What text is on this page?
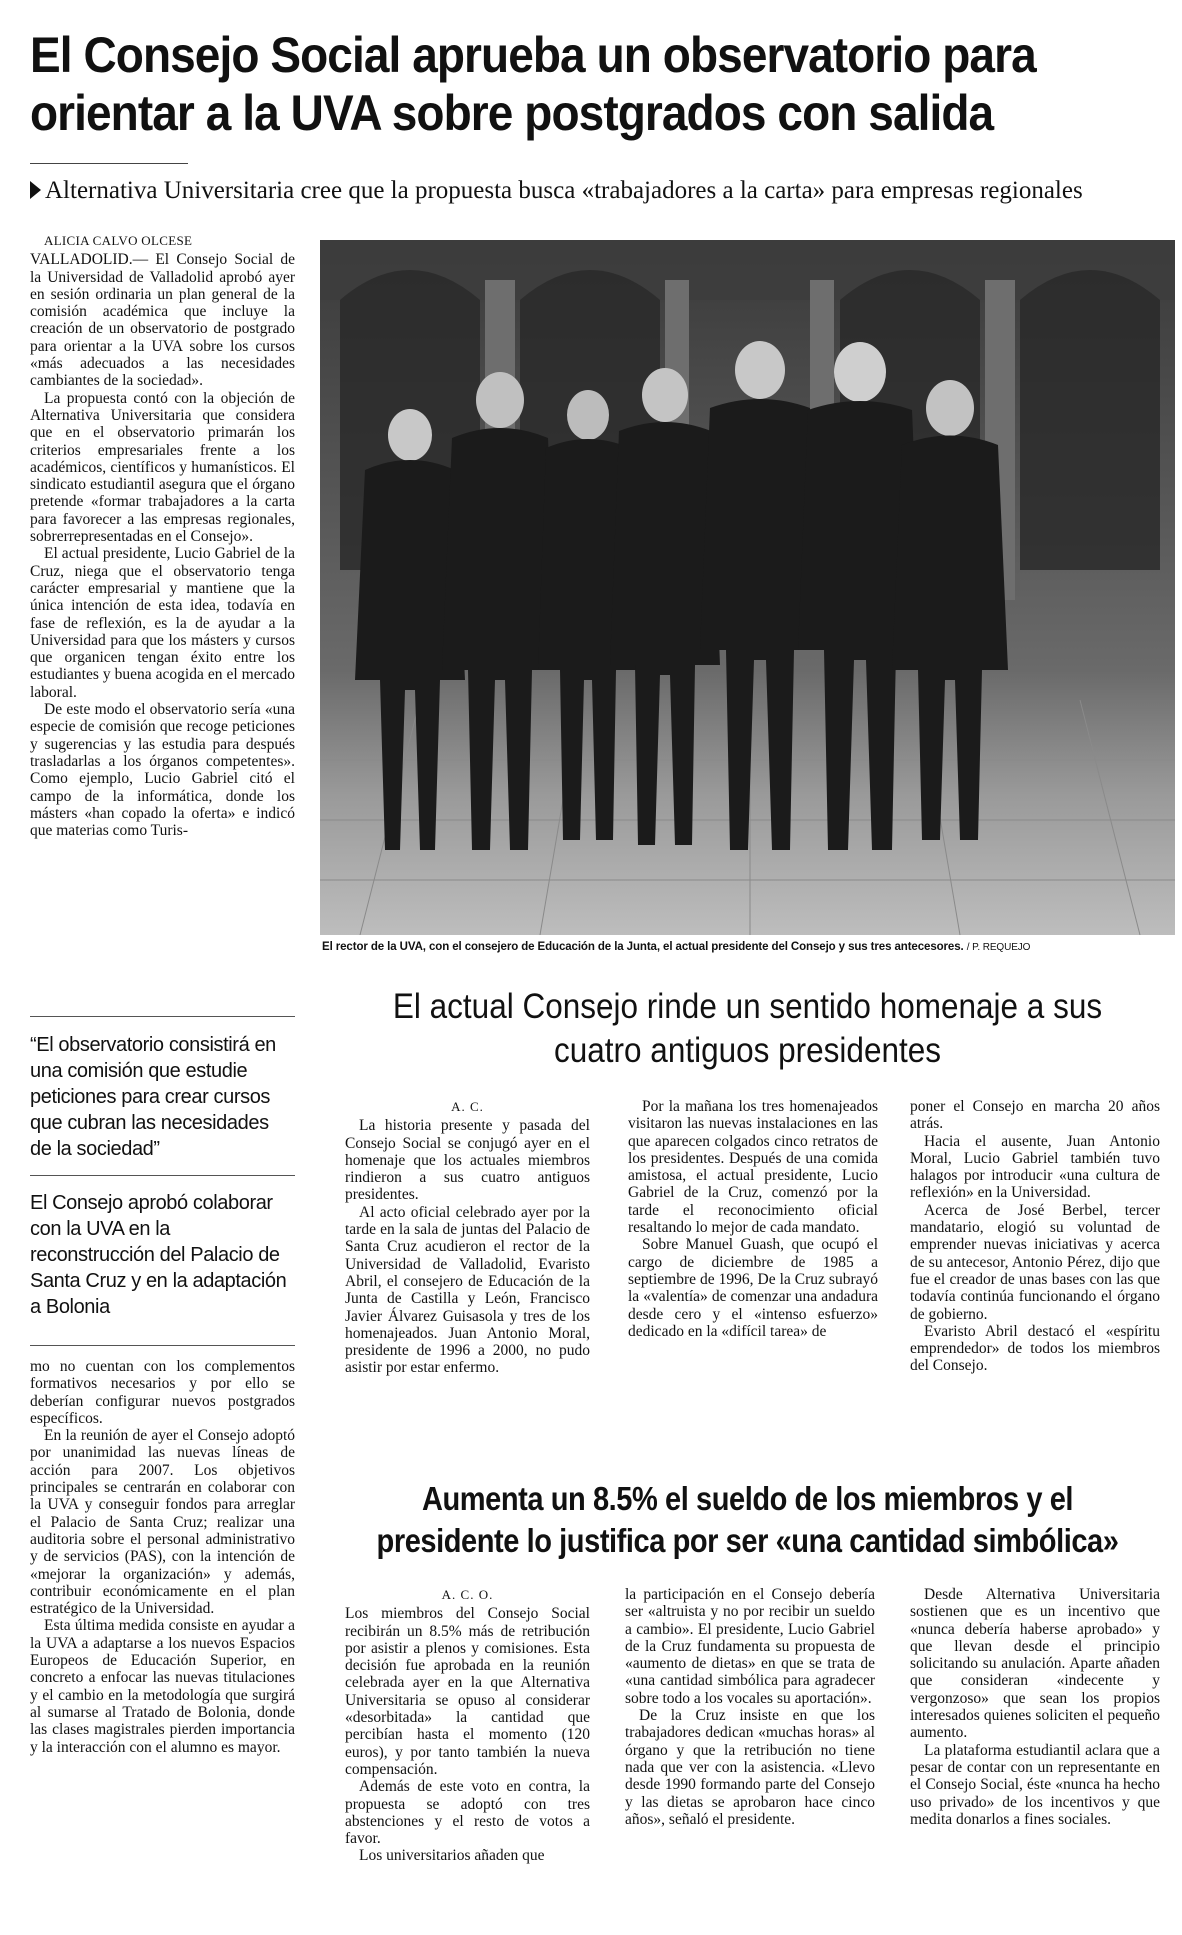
El Consejo Social aprueba un observatorio para orientar a la UVA sobre postgrados con salida
Alternativa Universitaria cree que la propuesta busca «trabajadores a la carta» para empresas regionales
ALICIA CALVO OLCESE

VALLADOLID.— El Consejo Social de la Universidad de Valladolid aprobó ayer en sesión ordinaria un plan general de la comisión académica que incluye la creación de un observatorio de postgrado para orientar a la UVA sobre los cursos «más adecuados a las necesidades cambiantes de la sociedad».

La propuesta contó con la objeción de Alternativa Universitaria que considera que en el observatorio primarán los criterios empresariales frente a los académicos, científicos y humanísticos. El sindicato estudiantil asegura que el órgano pretende «formar trabajadores a la carta para favorecer a las empresas regionales, sobrerrepresentadas en el Consejo».

El actual presidente, Lucio Gabriel de la Cruz, niega que el observatorio tenga carácter empresarial y mantiene que la única intención de esta idea, todavía en fase de reflexión, es la de ayudar a la Universidad para que los másters y cursos que organicen tengan éxito entre los estudiantes y buena acogida en el mercado laboral.

De este modo el observatorio sería «una especie de comisión que recoge peticiones y sugerencias y las estudia para después trasladarlas a los órganos competentes». Como ejemplo, Lucio Gabriel citó el campo de la informática, donde los másters «han copado la oferta» e indicó que materias como Turis-

El rector de la UVA, con el consejero de Educación de la Junta, el actual presidente del Consejo y sus tres antecesores. / P. REQUEJO
“El observatorio consistirá en una comisión que estudie peticiones para crear cursos que cubran las necesidades de la sociedad”
El Consejo aprobó colaborar con la UVA en la reconstrucción del Palacio de Santa Cruz y en la adaptación a Bolonia

mo no cuentan con los complementos formativos necesarios y por ello se deberían configurar nuevos postgrados específicos.

En la reunión de ayer el Consejo adoptó por unanimidad las nuevas líneas de acción para 2007. Los objetivos principales se centrarán en colaborar con la UVA y conseguir fondos para arreglar el Palacio de Santa Cruz; realizar una auditoria sobre el personal administrativo y de servicios (PAS), con la intención de «mejorar la organización» y además, contribuir económicamente en el plan estratégico de la Universidad.

Esta última medida consiste en ayudar a la UVA a adaptarse a los nuevos Espacios Europeos de Educación Superior, en concreto a enfocar las nuevas titulaciones y el cambio en la metodología que surgirá al sumarse al Tratado de Bolonia, donde las clases magistrales pierden importancia y la interacción con el alumno es mayor.

El actual Consejo rinde un sentido homenaje a sus cuatro antiguos presidentes
A. C.

La historia presente y pasada del Consejo Social se conjugó ayer en el homenaje que los actuales miembros rindieron a sus cuatro antiguos presidentes.

Al acto oficial celebrado ayer por la tarde en la sala de juntas del Palacio de Santa Cruz acudieron el rector de la Universidad de Valladolid, Evaristo Abril, el consejero de Educación de la Junta de Castilla y León, Francisco Javier Álvarez Guisasola y tres de los homenajeados. Juan Antonio Moral, presidente de 1996 a 2000, no pudo asistir por estar enfermo.

Por la mañana los tres homenajeados visitaron las nuevas instalaciones en las que aparecen colgados cinco retratos de los presidentes. Después de una comida amistosa, el actual presidente, Lucio Gabriel de la Cruz, comenzó por la tarde el reconocimiento oficial resaltando lo mejor de cada mandato.

Sobre Manuel Guash, que ocupó el cargo de diciembre de 1985 a septiembre de 1996, De la Cruz subrayó la «valentía» de comenzar una andadura desde cero y el «intenso esfuerzo» dedicado en la «difícil tarea» de

poner el Consejo en marcha 20 años atrás.

Hacia el ausente, Juan Antonio Moral, Lucio Gabriel también tuvo halagos por introducir «una cultura de reflexión» en la Universidad.

Acerca de José Berbel, tercer mandatario, elogió su voluntad de emprender nuevas iniciativas y acerca de su antecesor, Antonio Pérez, dijo que fue el creador de unas bases con las que todavía continúa funcionando el órgano de gobierno.

Evaristo Abril destacó el «espíritu emprendedor» de todos los miembros del Consejo.

Aumenta un 8.5% el sueldo de los miembros y el presidente lo justifica por ser «una cantidad simbólica»
A. C. O.

Los miembros del Consejo Social recibirán un 8.5% más de retribución por asistir a plenos y comisiones. Esta decisión fue aprobada en la reunión celebrada ayer en la que Alternativa Universitaria se opuso al considerar «desorbitada» la cantidad que percibían hasta el momento (120 euros), y por tanto también la nueva compensación.

Además de este voto en contra, la propuesta se adoptó con tres abstenciones y el resto de votos a favor.

Los universitarios añaden que

la participación en el Consejo debería ser «altruista y no por recibir un sueldo a cambio». El presidente, Lucio Gabriel de la Cruz fundamenta su propuesta de «aumento de dietas» en que se trata de «una cantidad simbólica para agradecer sobre todo a los vocales su aportación».

De la Cruz insiste en que los trabajadores dedican «muchas horas» al órgano y que la retribución no tiene nada que ver con la asistencia. «Llevo desde 1990 formando parte del Consejo y las dietas se aprobaron hace cinco años», señaló el presidente.

Desde Alternativa Universitaria sostienen que es un incentivo que «nunca debería haberse aprobado» y que llevan desde el principio solicitando su anulación. Aparte añaden que consideran «indecente y vergonzoso» que sean los propios interesados quienes soliciten el pequeño aumento.

La plataforma estudiantil aclara que a pesar de contar con un representante en el Consejo Social, éste «nunca ha hecho uso privado» de los incentivos y que medita donarlos a fines sociales.
